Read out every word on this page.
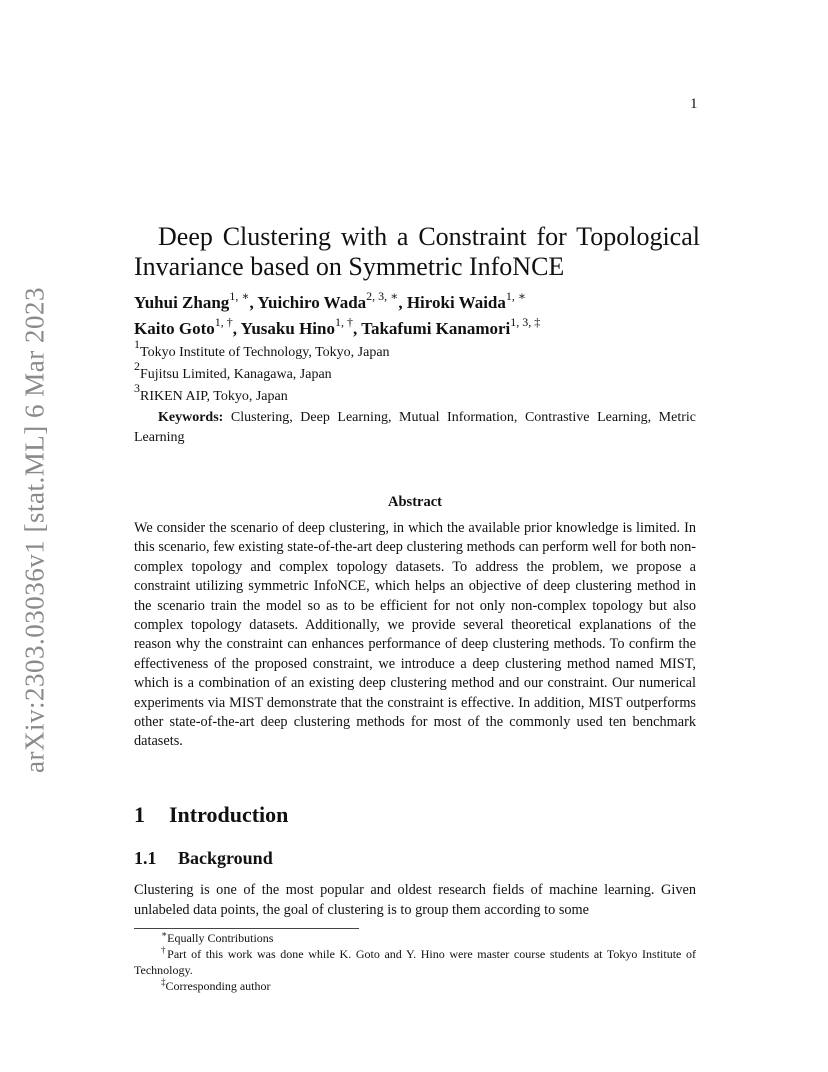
1
arXiv:2303.03036v1 [stat.ML] 6 Mar 2023
Deep Clustering with a Constraint for Topological Invariance based on Symmetric InfoNCE
Yuhui Zhang$^{1, ∗}$, Yuichiro Wada$^{2, 3, ∗}$, Hiroki Waida$^{1, ∗}$
Kaito Goto$^{1, \dagger}$, Yusaku Hino$^{1, \dagger}$, Takafumi Kanamori$^{1, 3, \ddagger}$
$^1$Tokyo Institute of Technology, Tokyo, Japan
$^2$Fujitsu Limited, Kanagawa, Japan
$^3$RIKEN AIP, Tokyo, Japan
Keywords: Clustering, Deep Learning, Mutual Information, Contrastive Learning, Metric Learning
Abstract
We consider the scenario of deep clustering, in which the available prior knowledge is limited. In this scenario, few existing state-of-the-art deep clustering methods can perform well for both non-complex topology and complex topology datasets. To address the problem, we propose a constraint utilizing symmetric InfoNCE, which helps an objective of deep clustering method in the scenario train the model so as to be efficient for not only non-complex topology but also complex topology datasets. Additionally, we provide several theoretical explanations of the reason why the constraint can enhances performance of deep clustering methods. To confirm the effectiveness of the proposed constraint, we introduce a deep clustering method named MIST, which is a combination of an existing deep clustering method and our constraint. Our numerical experiments via MIST demonstrate that the constraint is effective. In addition, MIST outperforms other state-of-the-art deep clustering methods for most of the commonly used ten benchmark datasets.
1 Introduction
1.1 Background
Clustering is one of the most popular and oldest research fields of machine learning. Given unlabeled data points, the goal of clustering is to group them according to some
∗Equally Contributions
†Part of this work was done while K. Goto and Y. Hino were master course students at Tokyo Institute of Technology.
‡Corresponding author
